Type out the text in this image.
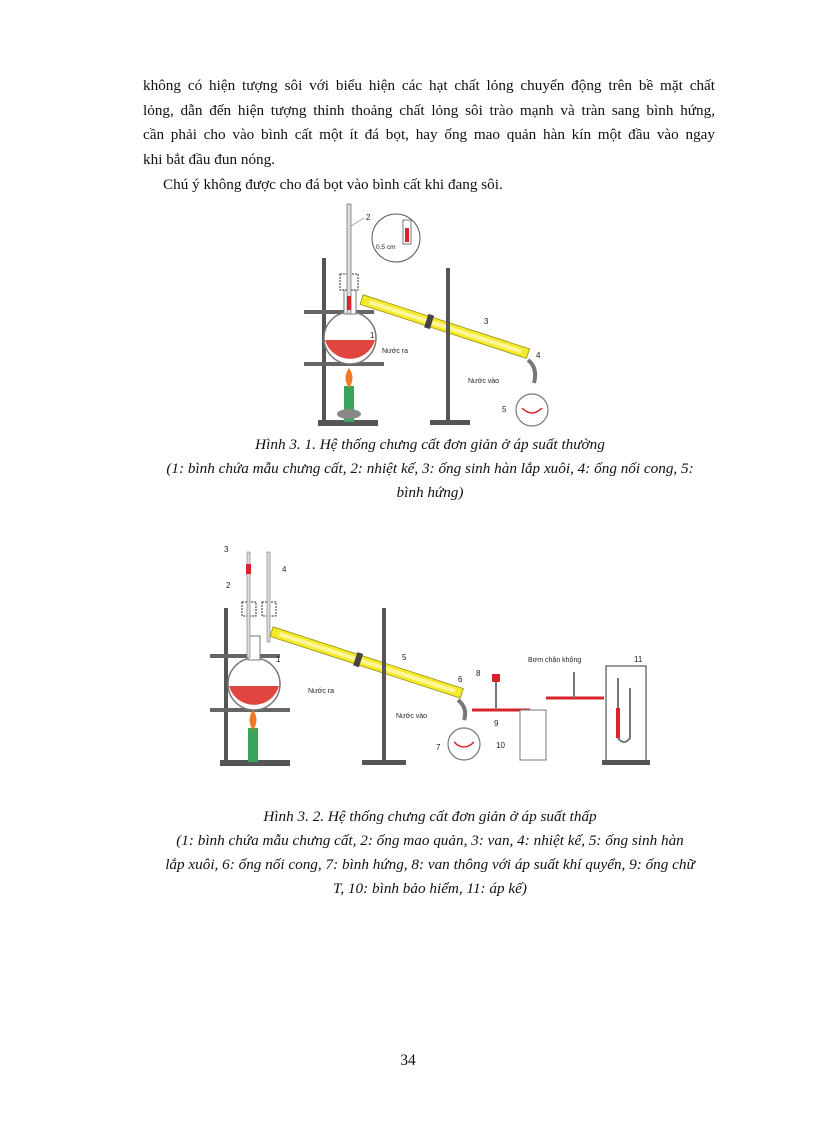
không có hiện tượng sôi với biểu hiện các hạt chất lỏng chuyển động trên bề mặt chất
lỏng, dẫn đến hiện tượng thỉnh thoảng chất lỏng sôi trào mạnh và tràn sang bình hứng,
cần phải cho vào bình cất một ít đá bọt, hay ống mao quản hàn kín một đầu vào ngay
khi bắt đầu đun nóng.

Chú ý không được cho đá bọt vào bình cất khi đang sôi.

2
0,5 cm
3
1
Nước ra
Nước vào
4
5
Hình 3. 1. Hệ thống chưng cất đơn giản ở áp suất thường
(1: bình chứa mẫu chưng cất, 2: nhiệt kế, 3: ống sinh hàn lắp xuôi, 4: ống nối cong, 5:
bình hứng)
3
2
4
1	5
Nước ra
Nước vào
6
7
8
9
10
Bơm chân không	11
Hình 3. 2. Hệ thống chưng cất đơn giản ở áp suất thấp
(1: bình chứa mẫu chưng cất, 2: ống mao quản, 3: van, 4: nhiệt kế, 5: ống sinh hàn
lắp xuôi, 6: ống nối cong, 7: bình hứng, 8: van thông với áp suất khí quyển, 9: ống chữ
T, 10: bình bảo hiểm, 11: áp kế)
34
